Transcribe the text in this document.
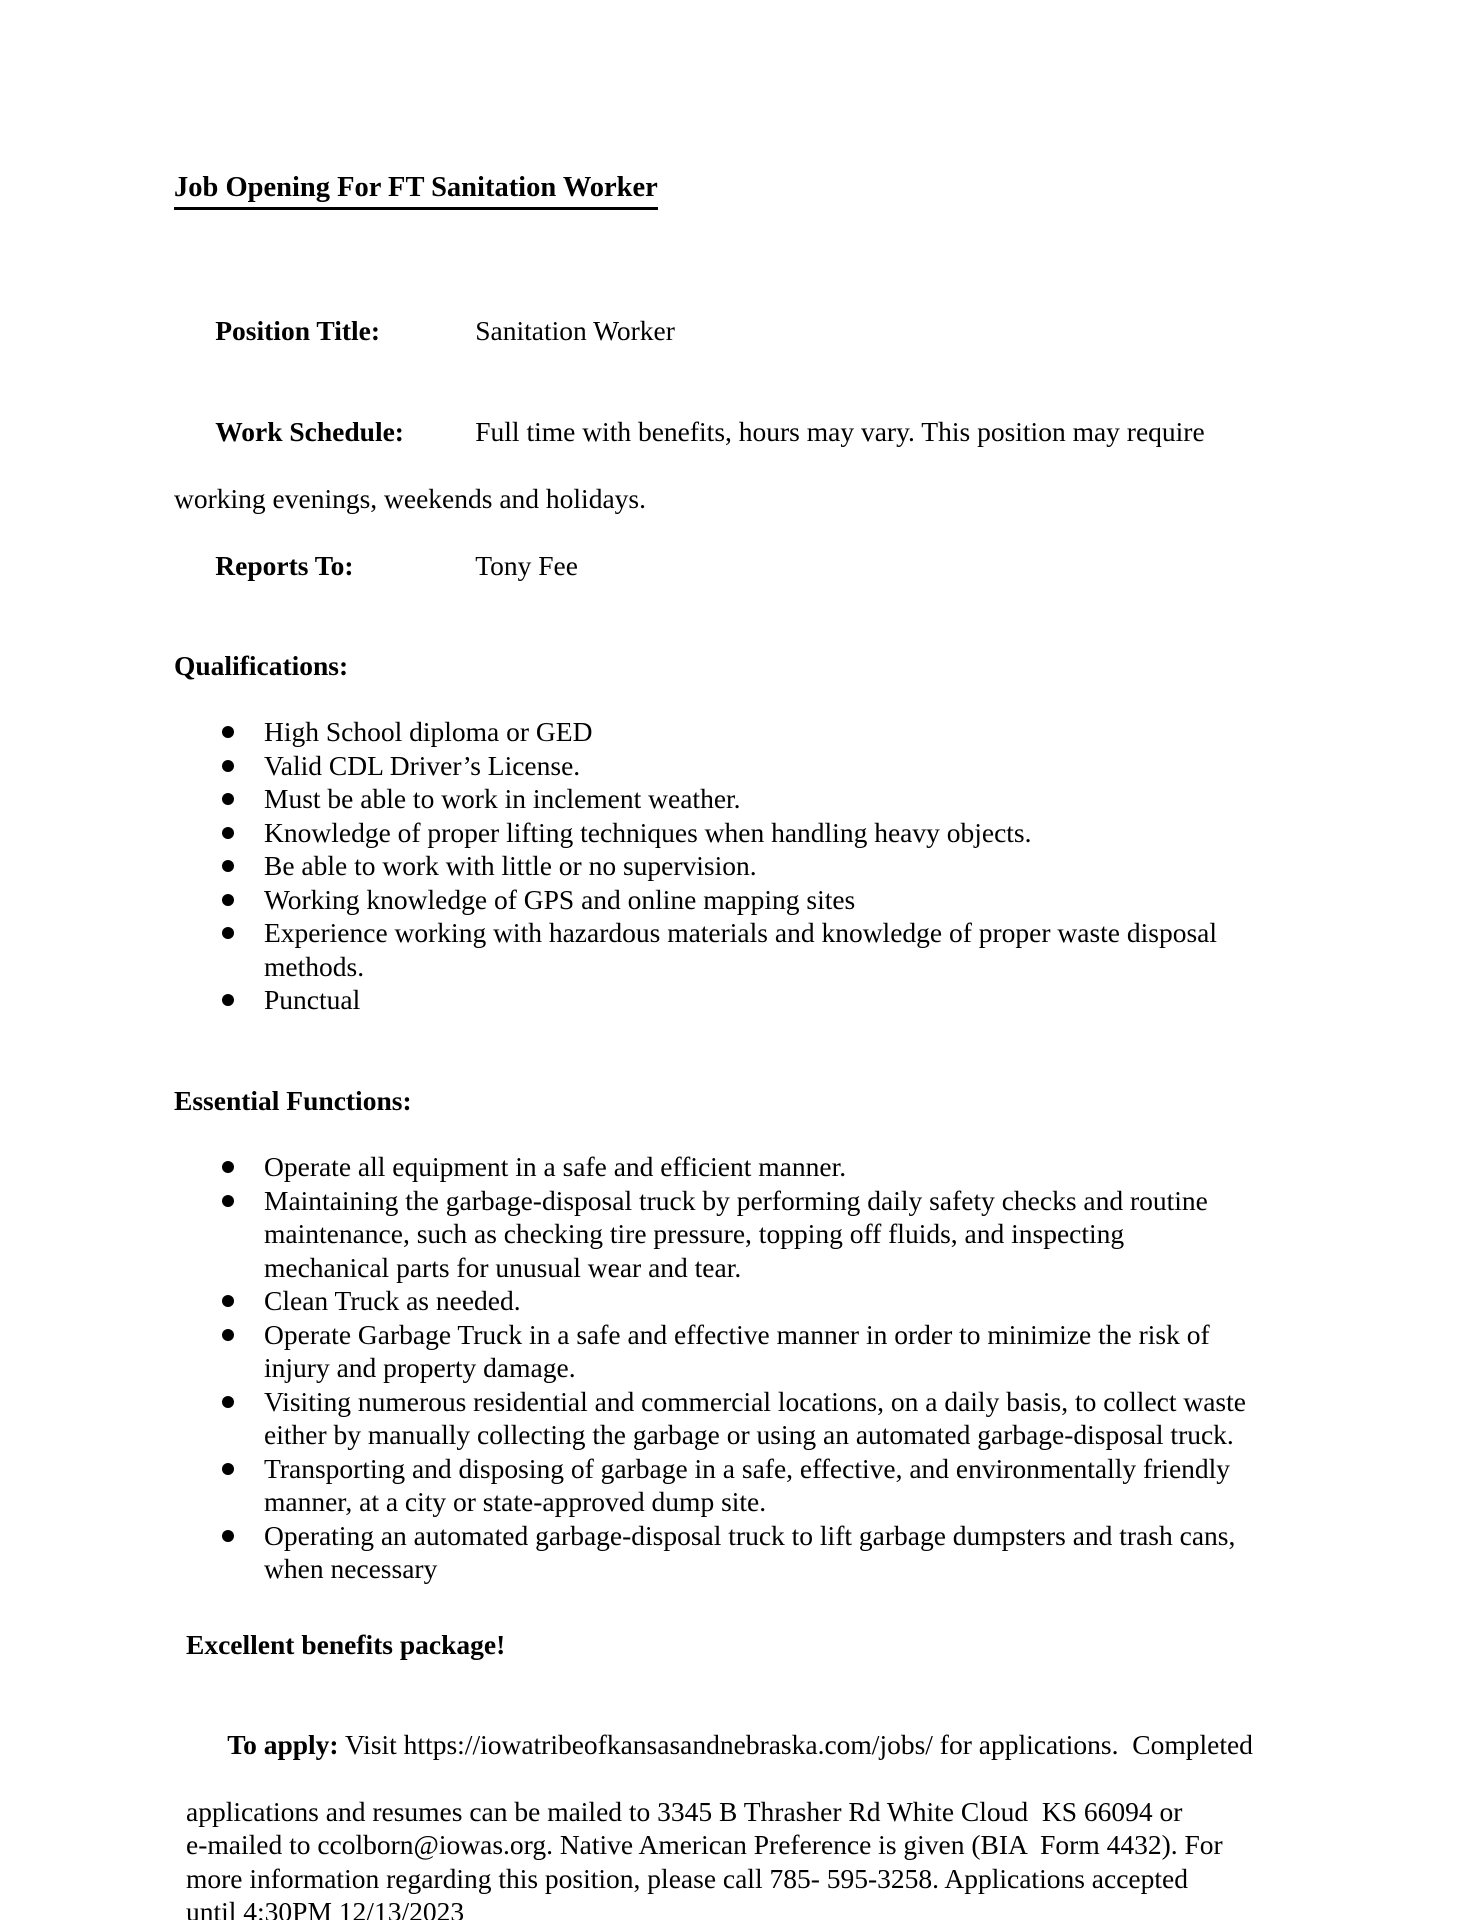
Job Opening For FT Sanitation Worker

Position Title:	Sanitation Worker

Work Schedule:	Full time with benefits, hours may vary. This position may require

working evenings, weekends and holidays.

Reports To:	Tony Fee

Qualifications:
High School diploma or GED
Valid CDL Driver’s License.
Must be able to work in inclement weather.
Knowledge of proper lifting techniques when handling heavy objects.
Be able to work with little or no supervision.
Working knowledge of GPS and online mapping sites
Experience working with hazardous materials and knowledge of proper waste disposal
methods.
Punctual
Essential Functions:
Operate all equipment in a safe and efficient manner.
Maintaining the garbage-disposal truck by performing daily safety checks and routine
maintenance, such as checking tire pressure, topping off fluids, and inspecting
mechanical parts for unusual wear and tear.
Clean Truck as needed.
Operate Garbage Truck in a safe and effective manner in order to minimize the risk of
injury and property damage.
Visiting numerous residential and commercial locations, on a daily basis, to collect waste
either by manually collecting the garbage or using an automated garbage-disposal truck.
Transporting and disposing of garbage in a safe, effective, and environmentally friendly
manner, at a city or state-approved dump site.
Operating an automated garbage-disposal truck to lift garbage dumpsters and trash cans,
when necessary
Excellent benefits package!

To apply: Visit https://iowatribeofkansasandnebraska.com/jobs/ for applications.  Completed

applications and resumes can be mailed to 3345 B Thrasher Rd White Cloud  KS 66094 or
e-mailed to ccolborn@iowas.org. Native American Preference is given (BIA  Form 4432). For
more information regarding this position, please call 785- 595-3258. Applications accepted
until 4:30PM 12/13/2023
